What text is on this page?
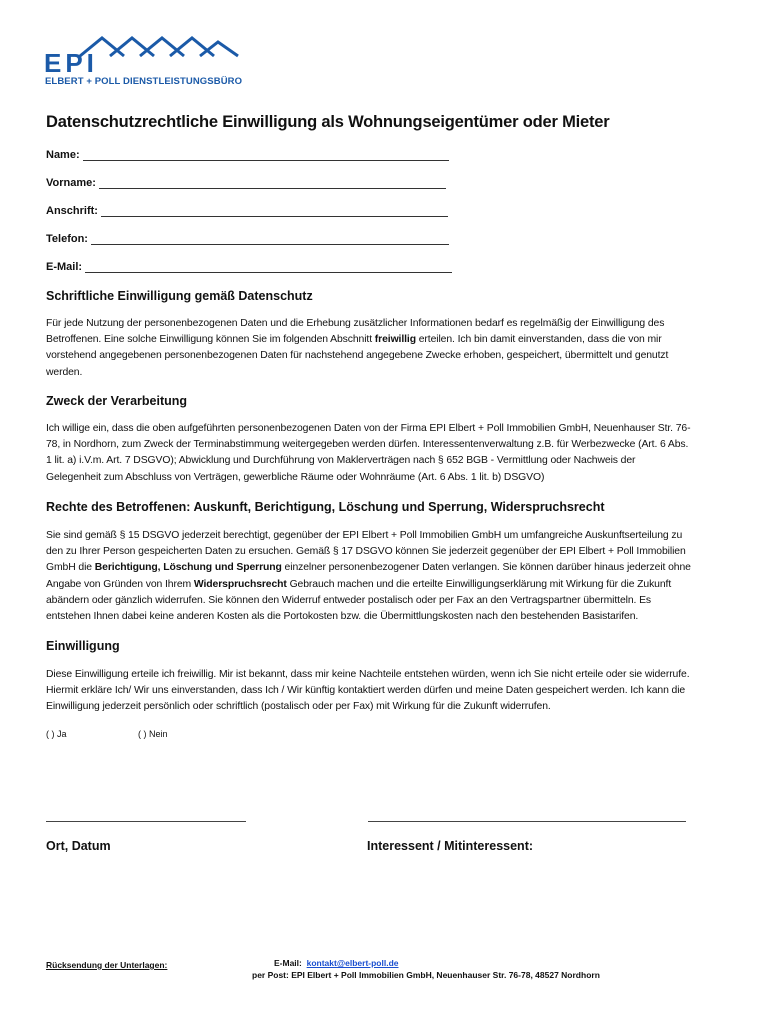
EPI
ELBERT + POLL DIENSTLEISTUNGSBÜRO
Datenschutzrechtliche Einwilligung als Wohnungseigentümer oder Mieter
Name:
Vorname:
Anschrift:
Telefon:
E-Mail:
Schriftliche Einwilligung gemäß Datenschutz

Für jede Nutzung der personenbezogenen Daten und die Erhebung zusätzlicher Informationen bedarf es regelmäßig der Einwilligung des

Betroffenen. Eine solche Einwilligung können Sie im folgenden Abschnitt freiwillig erteilen. Ich bin damit einverstanden, dass die von mir

vorstehend angegebenen personenbezogenen Daten für nachstehend angegebene Zwecke erhoben, gespeichert, übermittelt und genutzt

werden.

Zweck der Verarbeitung

Ich willige ein, dass die oben aufgeführten personenbezogenen Daten von der Firma EPI Elbert + Poll Immobilien GmbH, Neuenhauser Str. 76-

78, in Nordhorn, zum Zweck der Terminabstimmung weitergegeben werden dürfen. Interessentenverwaltung z.B. für Werbezwecke (Art. 6 Abs.

1 lit. a) i.V.m. Art. 7 DSGVO); Abwicklung und Durchführung von Maklerverträgen nach § 652 BGB - Vermittlung oder Nachweis der

Gelegenheit zum Abschluss von Verträgen, gewerbliche Räume oder Wohnräume (Art. 6 Abs. 1 lit. b) DSGVO)

Rechte des Betroffenen: Auskunft, Berichtigung, Löschung und Sperrung, Widerspruchsrecht

Sie sind gemäß § 15 DSGVO jederzeit berechtigt, gegenüber der EPI Elbert + Poll Immobilien GmbH um umfangreiche Auskunftserteilung zu

den zu Ihrer Person gespeicherten Daten zu ersuchen. Gemäß § 17 DSGVO können Sie jederzeit gegenüber der EPI Elbert + Poll Immobilien

GmbH die Berichtigung, Löschung und Sperrung einzelner personenbezogener Daten verlangen. Sie können darüber hinaus jederzeit ohne

Angabe von Gründen von Ihrem Widerspruchsrecht Gebrauch machen und die erteilte Einwilligungserklärung mit Wirkung für die Zukunft

abändern oder gänzlich widerrufen. Sie können den Widerruf entweder postalisch oder per Fax an den Vertragspartner übermitteln. Es

entstehen Ihnen dabei keine anderen Kosten als die Portokosten bzw. die Übermittlungskosten nach den bestehenden Basistarifen.

Einwilligung

Diese Einwilligung erteile ich freiwillig. Mir ist bekannt, dass mir keine Nachteile entstehen würden, wenn ich Sie nicht erteile oder sie widerrufe.

Hiermit erkläre Ich/ Wir uns einverstanden, dass Ich / Wir künftig kontaktiert werden dürfen und meine Daten gespeichert werden. Ich kann die

Einwilligung jederzeit persönlich oder schriftlich (postalisch oder per Fax) mit Wirkung für die Zukunft widerrufen.

( ) Ja	( ) Nein
Ort, Datum	Interessent / Mitinteressent:
Rücksendung der Unterlagen:	E-Mail: kontakt@elbert-poll.de
per Post: EPI Elbert + Poll Immobilien GmbH, Neuenhauser Str. 76-78, 48527 Nordhorn
